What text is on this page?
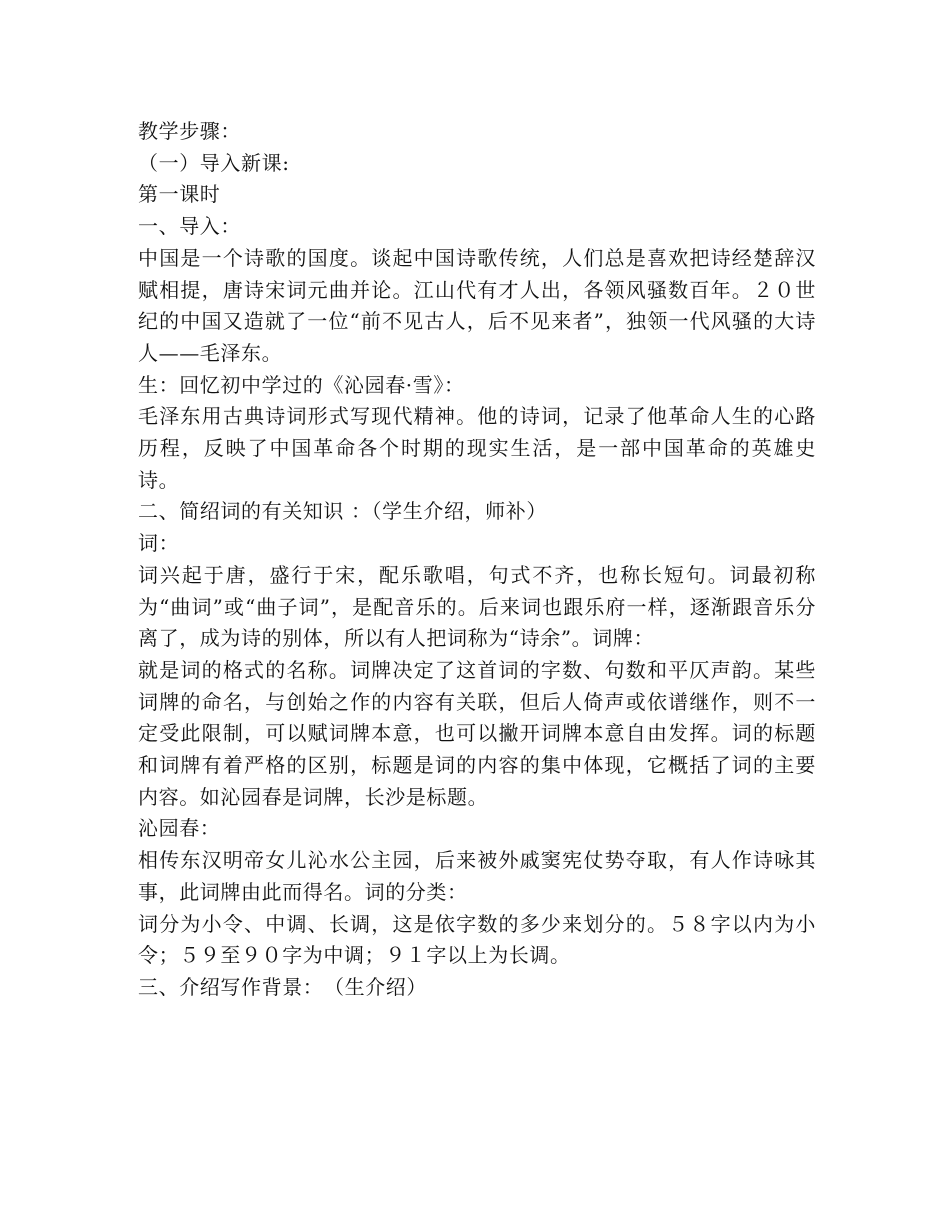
教学步骤：

（一）导入新课:

第一课时

一、导入：

中国是一个诗歌的国度。谈起中国诗歌传统，人们总是喜欢把诗经楚辞汉赋相提，唐诗宋词元曲并论。江山代有才人出，各领风骚数百年。２０世纪的中国又造就了一位“前不见古人，后不见来者”，独领一代风骚的大诗人——毛泽东。

生：回忆初中学过的《沁园春·雪》：

毛泽东用古典诗词形式写现代精神。他的诗词，记录了他革命人生的心路历程，反映了中国革命各个时期的现实生活，是一部中国革命的英雄史诗。

二、简绍词的有关知识 ：（学生介绍，师补）

词：

词兴起于唐，盛行于宋，配乐歌唱，句式不齐，也称长短句。词最初称为“曲词”或“曲子词”，是配音乐的。后来词也跟乐府一样，逐渐跟音乐分离了，成为诗的别体，所以有人把词称为“诗余”。词牌：

就是词的格式的名称。词牌决定了这首词的字数、句数和平仄声韵。某些词牌的命名，与创始之作的内容有关联，但后人倚声或依谱继作，则不一定受此限制，可以赋词牌本意，也可以撇开词牌本意自由发挥。词的标题和词牌有着严格的区别，标题是词的内容的集中体现，它概括了词的主要内容。如沁园春是词牌，长沙是标题。

沁园春：

相传东汉明帝女儿沁水公主园，后来被外戚窦宪仗势夺取，有人作诗咏其事，此词牌由此而得名。词的分类：

词分为小令、中调、长调，这是依字数的多少来划分的。５８字以内为小令；５９至９０字为中调；９１字以上为长调。

三、介绍写作背景：　（生介绍）
